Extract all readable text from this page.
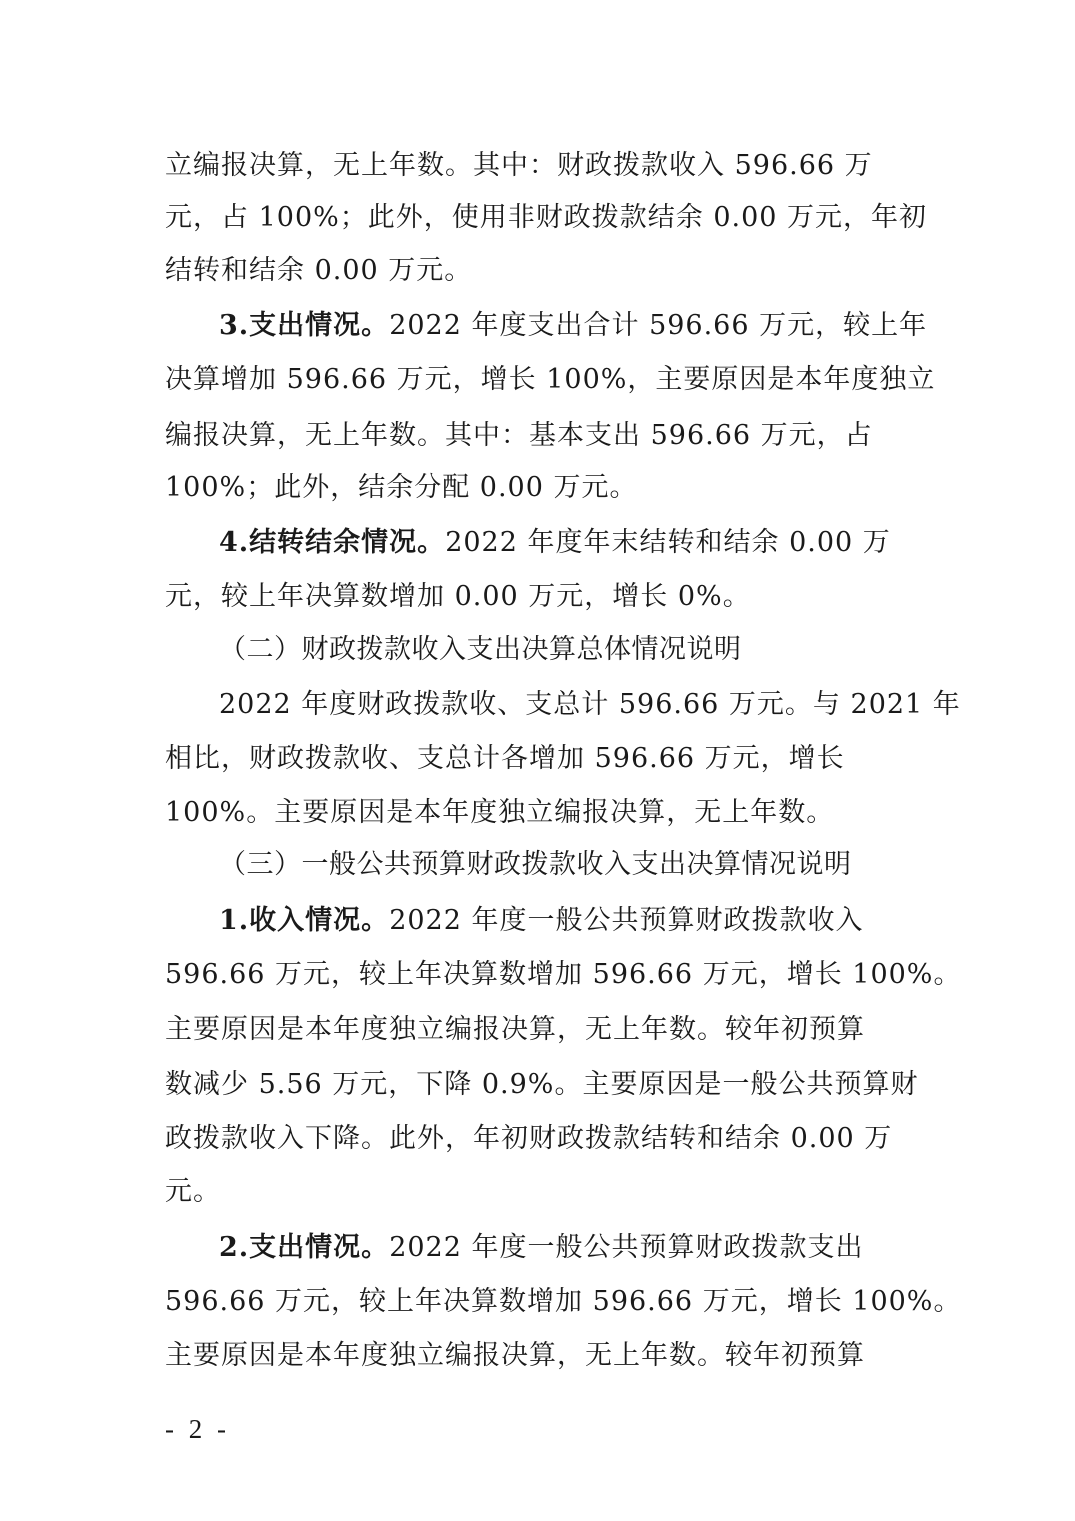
立编报决算，无上年数。其中：财政拨款收入 596.66 万

元，占 100%；此外，使用非财政拨款结余 0.00 万元，年初

结转和结余 0.00 万元。

3.支出情况。2022 年度支出合计 596.66 万元，较上年

决算增加 596.66 万元，增长 100%，主要原因是本年度独立

编报决算，无上年数。其中：基本支出 596.66 万元，占

100%；此外，结余分配 0.00 万元。

4.结转结余情况。2022 年度年末结转和结余 0.00 万

元，较上年决算数增加 0.00 万元，增长 0%。

（二）财政拨款收入支出决算总体情况说明

2022 年度财政拨款收、支总计 596.66 万元。与 2021 年

相比，财政拨款收、支总计各增加 596.66 万元，增长

100%。主要原因是本年度独立编报决算，无上年数。

（三）一般公共预算财政拨款收入支出决算情况说明

1.收入情况。2022 年度一般公共预算财政拨款收入

596.66 万元，较上年决算数增加 596.66 万元，增长 100%。

主要原因是本年度独立编报决算，无上年数。较年初预算

数减少 5.56 万元，下降 0.9%。主要原因是一般公共预算财

政拨款收入下降。此外，年初财政拨款结转和结余 0.00 万

元。

2.支出情况。2022 年度一般公共预算财政拨款支出

596.66 万元，较上年决算数增加 596.66 万元，增长 100%。

主要原因是本年度独立编报决算，无上年数。较年初预算

- 2 -
